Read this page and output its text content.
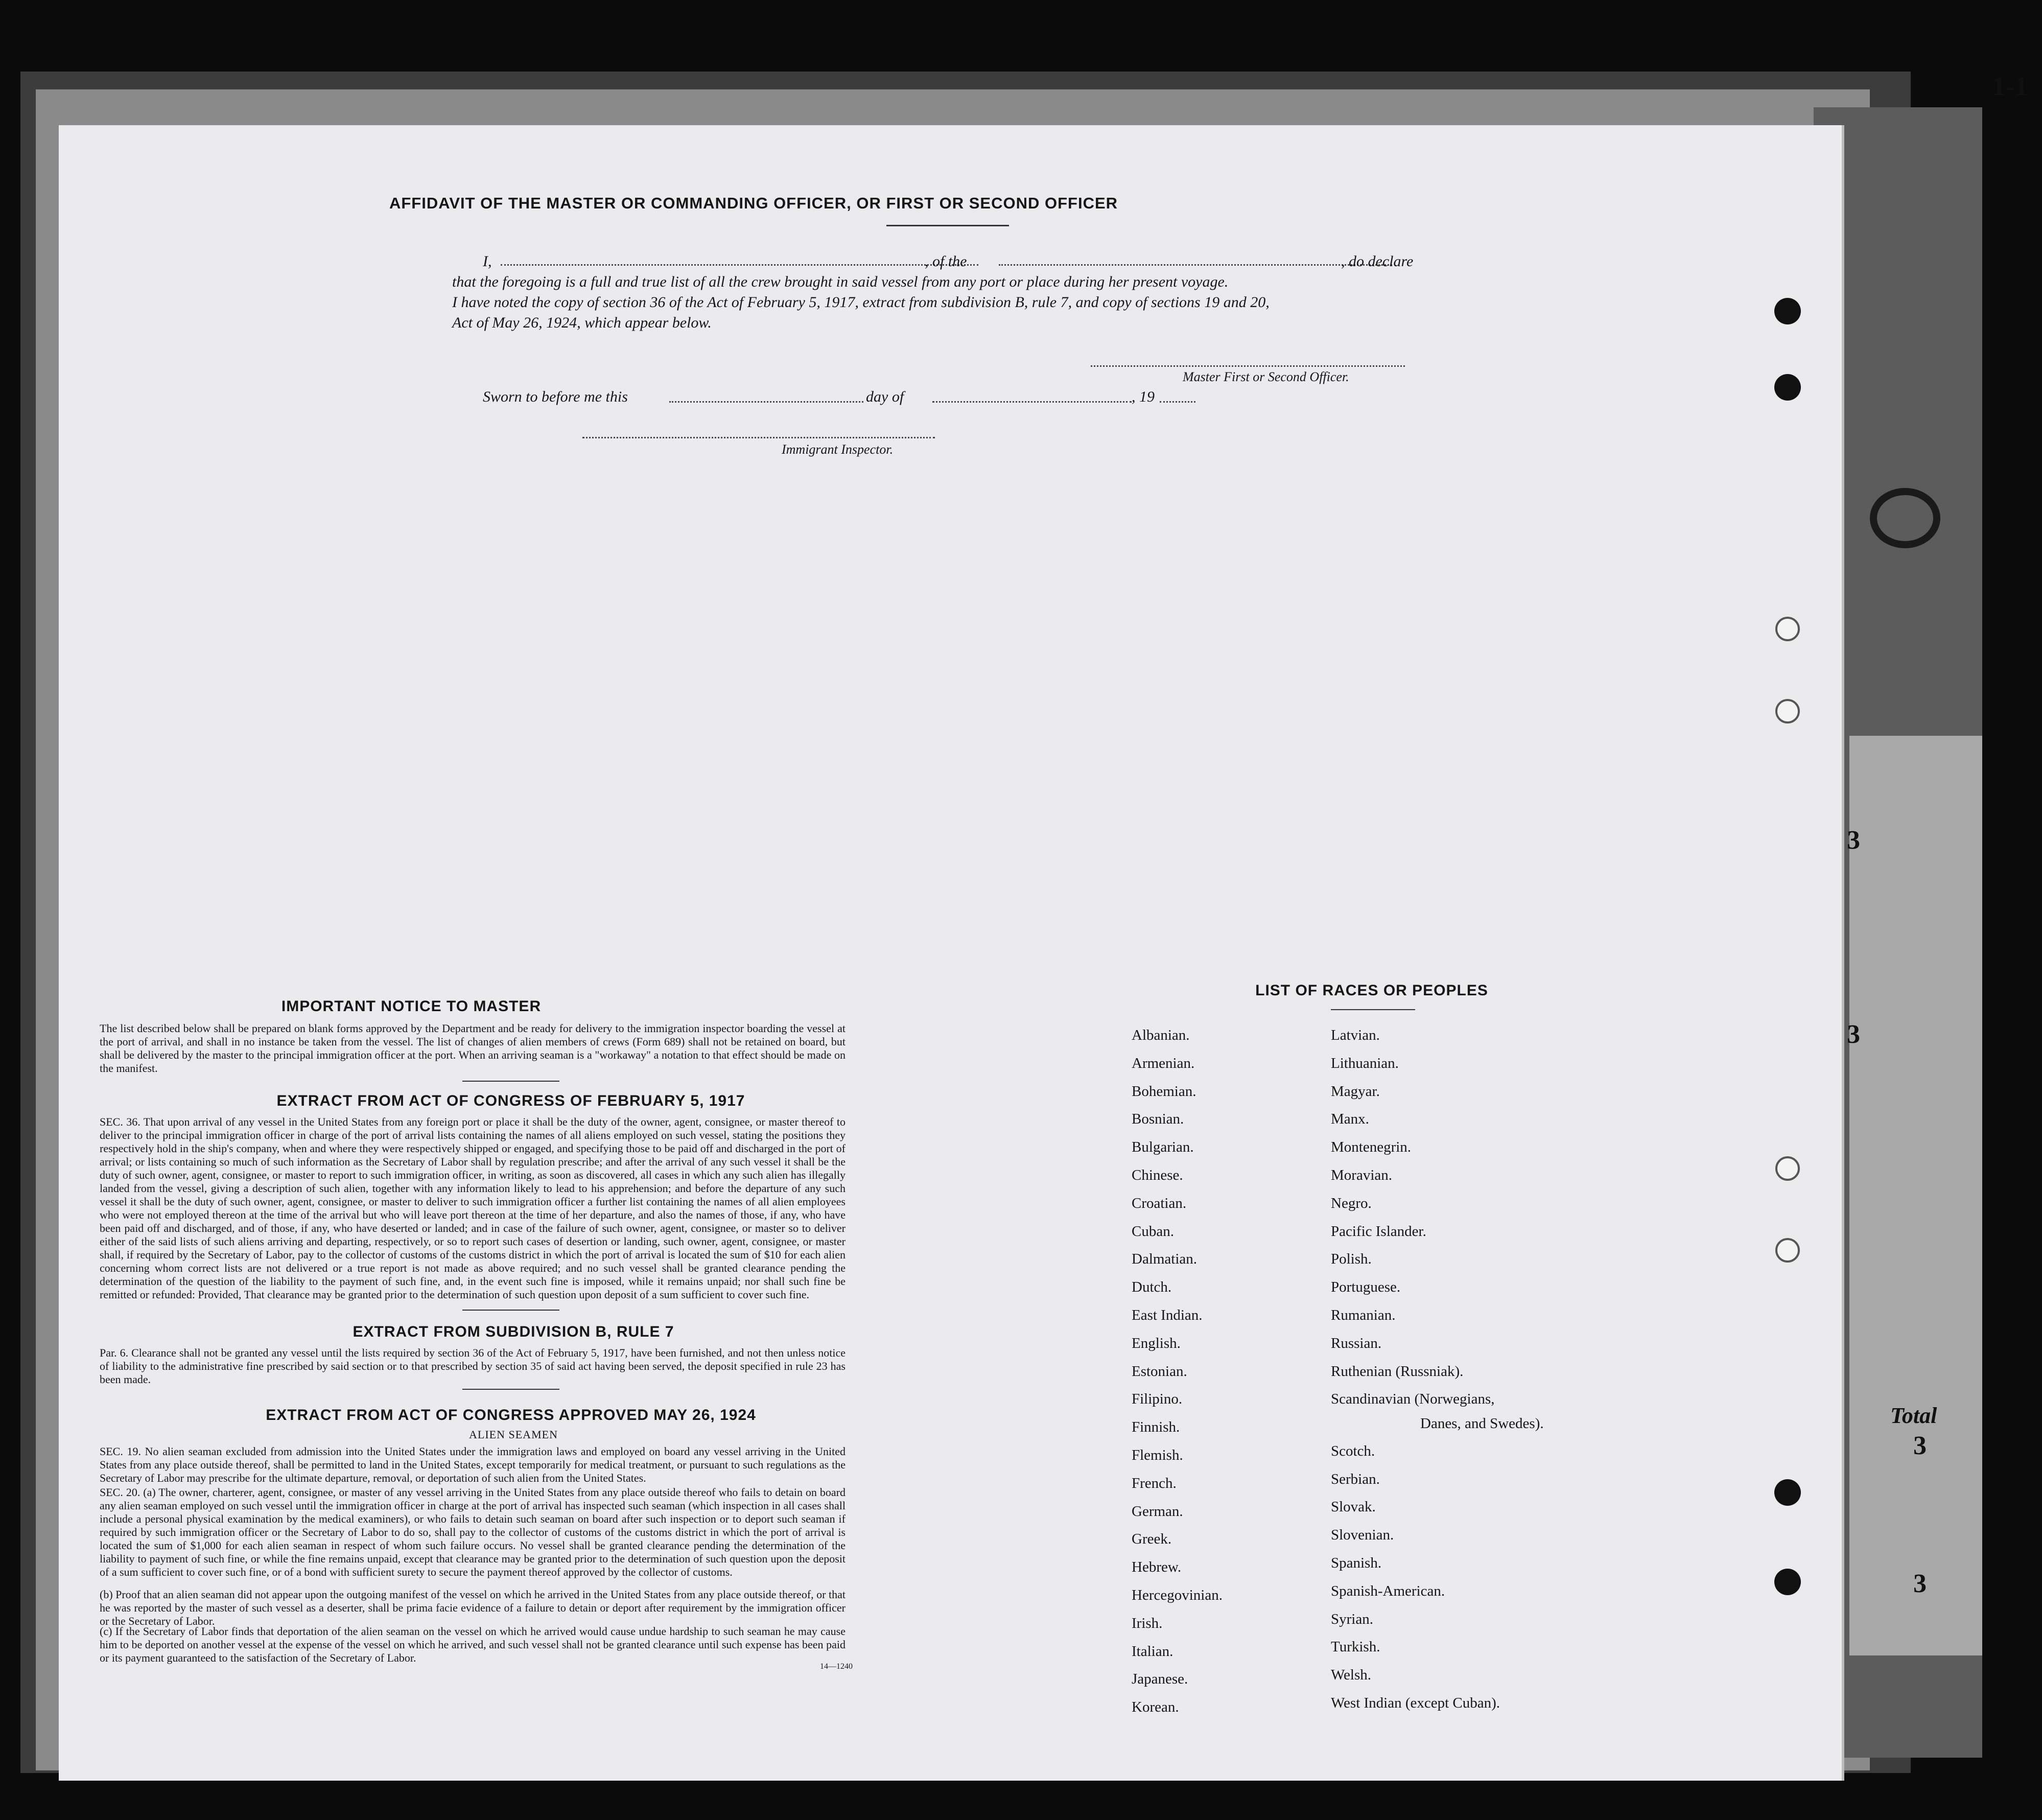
1-1
Total
3
3
3
3
AFFIDAVIT OF THE MASTER OR COMMANDING OFFICER, OR FIRST OR SECOND OFFICER
I,	, of the	, do declare
that the foregoing is a full and true list of all the crew brought in said vessel from any port or place during her present voyage.
I have noted the copy of section 36 of the Act of February 5, 1917, extract from subdivision B, rule 7, and copy of sections 19 and 20,
Act of May 26, 1924, which appear below.
Master First or Second Officer.
Sworn to before me this	day of	, 19
Immigrant Inspector.
IMPORTANT NOTICE TO MASTER
The list described below shall be prepared on blank forms approved by the Department and be ready for delivery to the immigration inspector boarding the vessel at the port of arrival, and shall in no instance be taken from the vessel. The list of changes of alien members of crews (Form 689) shall not be retained on board, but shall be delivered by the master to the principal immigration officer at the port. When an arriving seaman is a "workaway" a notation to that effect should be made on the manifest.
EXTRACT FROM ACT OF CONGRESS OF FEBRUARY 5, 1917
SEC. 36. That upon arrival of any vessel in the United States from any foreign port or place it shall be the duty of the owner, agent, consignee, or master thereof to deliver to the principal immigration officer in charge of the port of arrival lists containing the names of all aliens employed on such vessel, stating the positions they respectively hold in the ship's company, when and where they were respectively shipped or engaged, and specifying those to be paid off and discharged in the port of arrival; or lists containing so much of such information as the Secretary of Labor shall by regulation prescribe; and after the arrival of any such vessel it shall be the duty of such owner, agent, consignee, or master to report to such immigration officer, in writing, as soon as discovered, all cases in which any such alien has illegally landed from the vessel, giving a description of such alien, together with any information likely to lead to his apprehension; and before the departure of any such vessel it shall be the duty of such owner, agent, consignee, or master to deliver to such immigration officer a further list containing the names of all alien employees who were not employed thereon at the time of the arrival but who will leave port thereon at the time of her departure, and also the names of those, if any, who have been paid off and discharged, and of those, if any, who have deserted or landed; and in case of the failure of such owner, agent, consignee, or master so to deliver either of the said lists of such aliens arriving and departing, respectively, or so to report such cases of desertion or landing, such owner, agent, consignee, or master shall, if required by the Secretary of Labor, pay to the collector of customs of the customs district in which the port of arrival is located the sum of $10 for each alien concerning whom correct lists are not delivered or a true report is not made as above required; and no such vessel shall be granted clearance pending the determination of the question of the liability to the payment of such fine, and, in the event such fine is imposed, while it remains unpaid; nor shall such fine be remitted or refunded: Provided, That clearance may be granted prior to the determination of such question upon deposit of a sum sufficient to cover such fine.
EXTRACT FROM SUBDIVISION B, RULE 7
Par. 6. Clearance shall not be granted any vessel until the lists required by section 36 of the Act of February 5, 1917, have been furnished, and not then unless notice of liability to the administrative fine prescribed by said section or to that prescribed by section 35 of said act having been served, the deposit specified in rule 23 has been made.
EXTRACT FROM ACT OF CONGRESS APPROVED MAY 26, 1924
ALIEN SEAMEN
SEC. 19. No alien seaman excluded from admission into the United States under the immigration laws and employed on board any vessel arriving in the United States from any place outside thereof, shall be permitted to land in the United States, except temporarily for medical treatment, or pursuant to such regulations as the Secretary of Labor may prescribe for the ultimate departure, removal, or deportation of such alien from the United States.
SEC. 20. (a) The owner, charterer, agent, consignee, or master of any vessel arriving in the United States from any place outside thereof who fails to detain on board any alien seaman employed on such vessel until the immigration officer in charge at the port of arrival has inspected such seaman (which inspection in all cases shall include a personal physical examination by the medical examiners), or who fails to detain such seaman on board after such inspection or to deport such seaman if required by such immigration officer or the Secretary of Labor to do so, shall pay to the collector of customs of the customs district in which the port of arrival is located the sum of $1,000 for each alien seaman in respect of whom such failure occurs. No vessel shall be granted clearance pending the determination of the liability to payment of such fine, or while the fine remains unpaid, except that clearance may be granted prior to the determination of such question upon the deposit of a sum sufficient to cover such fine, or of a bond with sufficient surety to secure the payment thereof approved by the collector of customs.
(b) Proof that an alien seaman did not appear upon the outgoing manifest of the vessel on which he arrived in the United States from any place outside thereof, or that he was reported by the master of such vessel as a deserter, shall be prima facie evidence of a failure to detain or deport after requirement by the immigration officer or the Secretary of Labor.
(c) If the Secretary of Labor finds that deportation of the alien seaman on the vessel on which he arrived would cause undue hardship to such seaman he may cause him to be deported on another vessel at the expense of the vessel on which he arrived, and such vessel shall not be granted clearance until such expense has been paid or its payment guaranteed to the satisfaction of the Secretary of Labor.
14—1240
LIST OF RACES OR PEOPLES
Danes, and Swedes).
Albanian.
Armenian.
Bohemian.
Bosnian.
Bulgarian.
Chinese.
Croatian.
Cuban.
Dalmatian.
Dutch.
East Indian.
English.
Estonian.
Filipino.
Finnish.
Flemish.
French.
German.
Greek.
Hebrew.
Hercegovinian.
Irish.
Italian.
Japanese.
Korean.
Latvian.
Lithuanian.
Magyar.
Manx.
Montenegrin.
Moravian.
Negro.
Pacific Islander.
Polish.
Portuguese.
Rumanian.
Russian.
Ruthenian (Russniak).
Scandinavian (Norwegians,
Scotch.
Serbian.
Slovak.
Slovenian.
Spanish.
Spanish-American.
Syrian.
Turkish.
Welsh.
West Indian (except Cuban).
